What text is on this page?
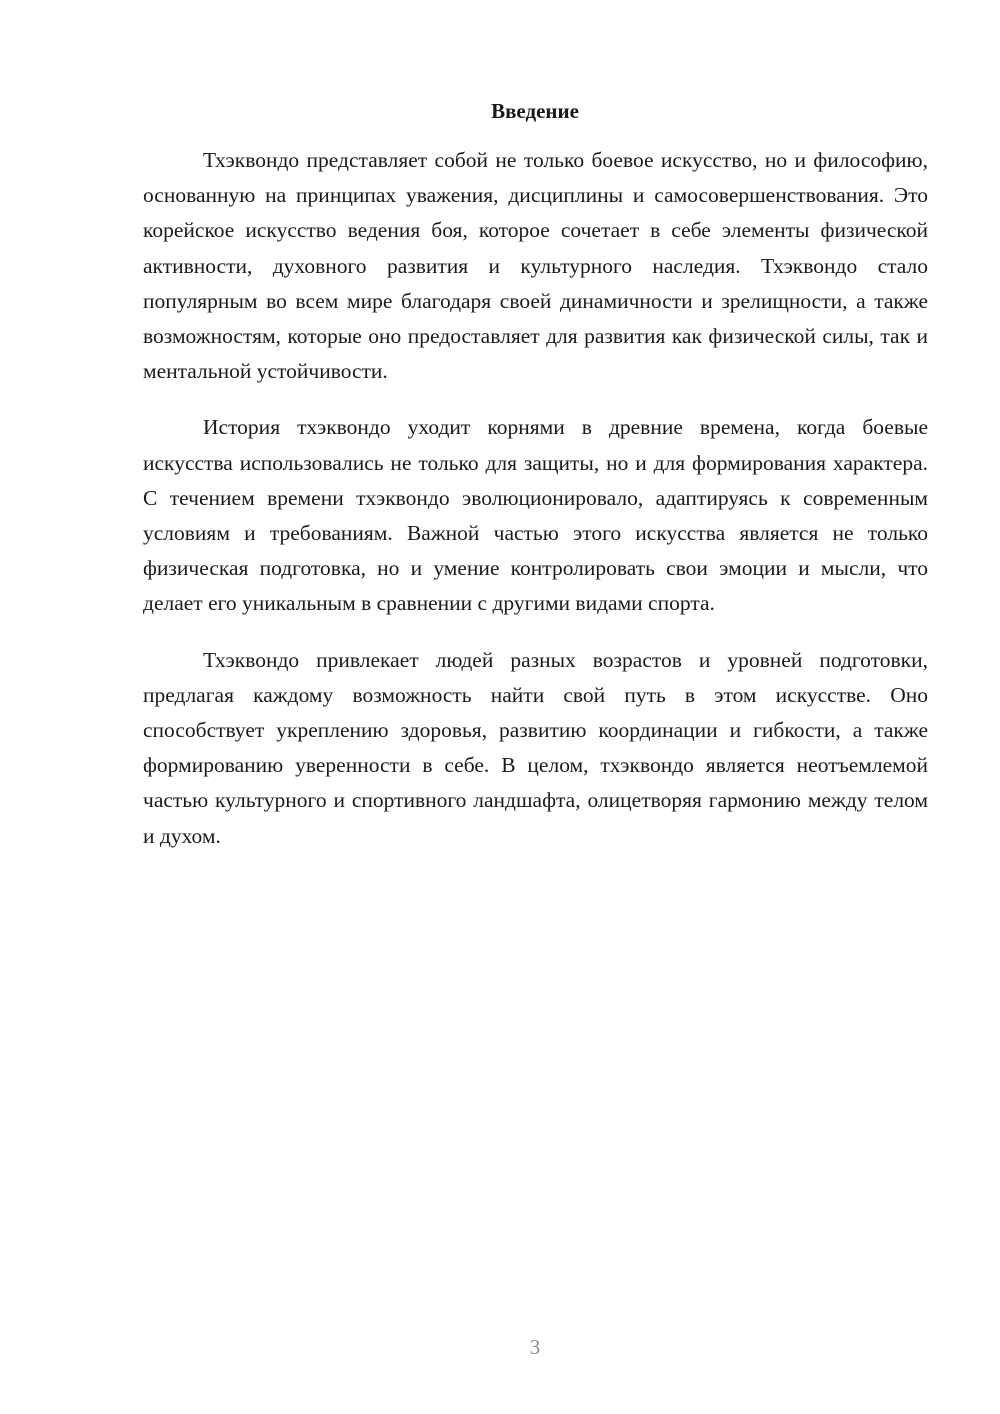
Введение

Тхэквондо представляет собой не только боевое искусство, но и философию, основанную на принципах уважения, дисциплины и самосовершенствования. Это корейское искусство ведения боя, которое сочетает в себе элементы физической активности, духовного развития и культурного наследия. Тхэквондо стало популярным во всем мире благодаря своей динамичности и зрелищности, а также возможностям, которые оно предоставляет для развития как физической силы, так и ментальной устойчивости.

История тхэквондо уходит корнями в древние времена, когда боевые искусства использовались не только для защиты, но и для формирования характера. С течением времени тхэквондо эволюционировало, адаптируясь к современным условиям и требованиям. Важной частью этого искусства является не только физическая подготовка, но и умение контролировать свои эмоции и мысли, что делает его уникальным в сравнении с другими видами спорта.

Тхэквондо привлекает людей разных возрастов и уровней подготовки, предлагая каждому возможность найти свой путь в этом искусстве. Оно способствует укреплению здоровья, развитию координации и гибкости, а также формированию уверенности в себе. В целом, тхэквондо является неотъемлемой частью культурного и спортивного ландшафта, олицетворяя гармонию между телом и духом.

3
